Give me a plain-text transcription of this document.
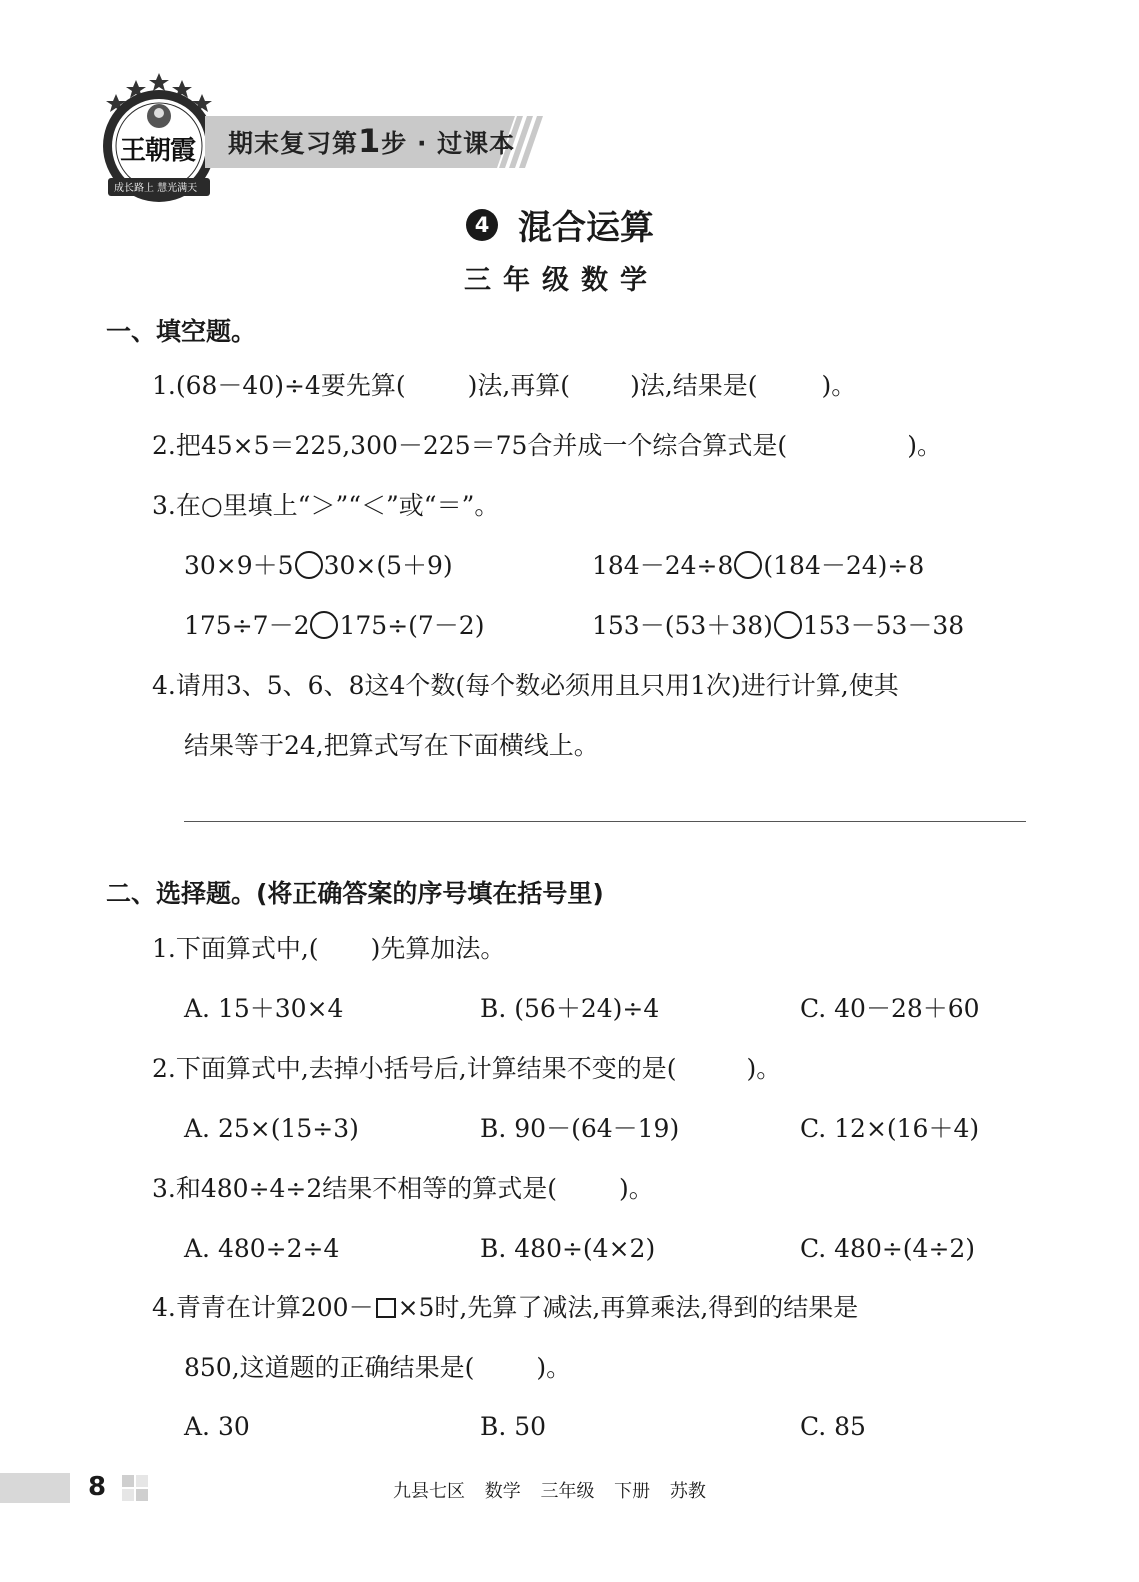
王朝霞
成长路上 慧光满天
期末复习第1步 · 过课本
4 混合运算
三年级数学
一、填空题。
1.(68－40)÷4要先算( )法,再算( )法,结果是(	)。
2.把45×5＝225,300－225＝75合并成一个综合算式是(	)。
3.在○里填上“＞”“＜”或“＝”。
30×9＋5 30×(5＋9)	184－24÷8 (184－24)÷8
175÷7－2 175÷(7－2)	153－(53＋38) 153－53－38
4.请用3、5、6、8这4个数(每个数必须用且只用1次)进行计算,使其
结果等于24,把算式写在下面横线上。
二、选择题。(将正确答案的序号填在括号里)
1.下面算式中,( )先算加法。
A. 15＋30×4	B. (56＋24)÷4	C. 40－28＋60
2.下面算式中,去掉小括号后,计算结果不变的是(	)。
A. 25×(15÷3)	B. 90－(64－19)	C. 12×(16＋4)
3.和480÷4÷2结果不相等的算式是( )。
A. 480÷2÷4	B. 480÷(4×2)	C. 480÷(4÷2)
4.青青在计算200－ ×5时,先算了减法,再算乘法,得到的结果是
850,这道题的正确结果是( )。
A. 30	B. 50	C. 85
8	九县七区 数学 三年级 下册 苏教
